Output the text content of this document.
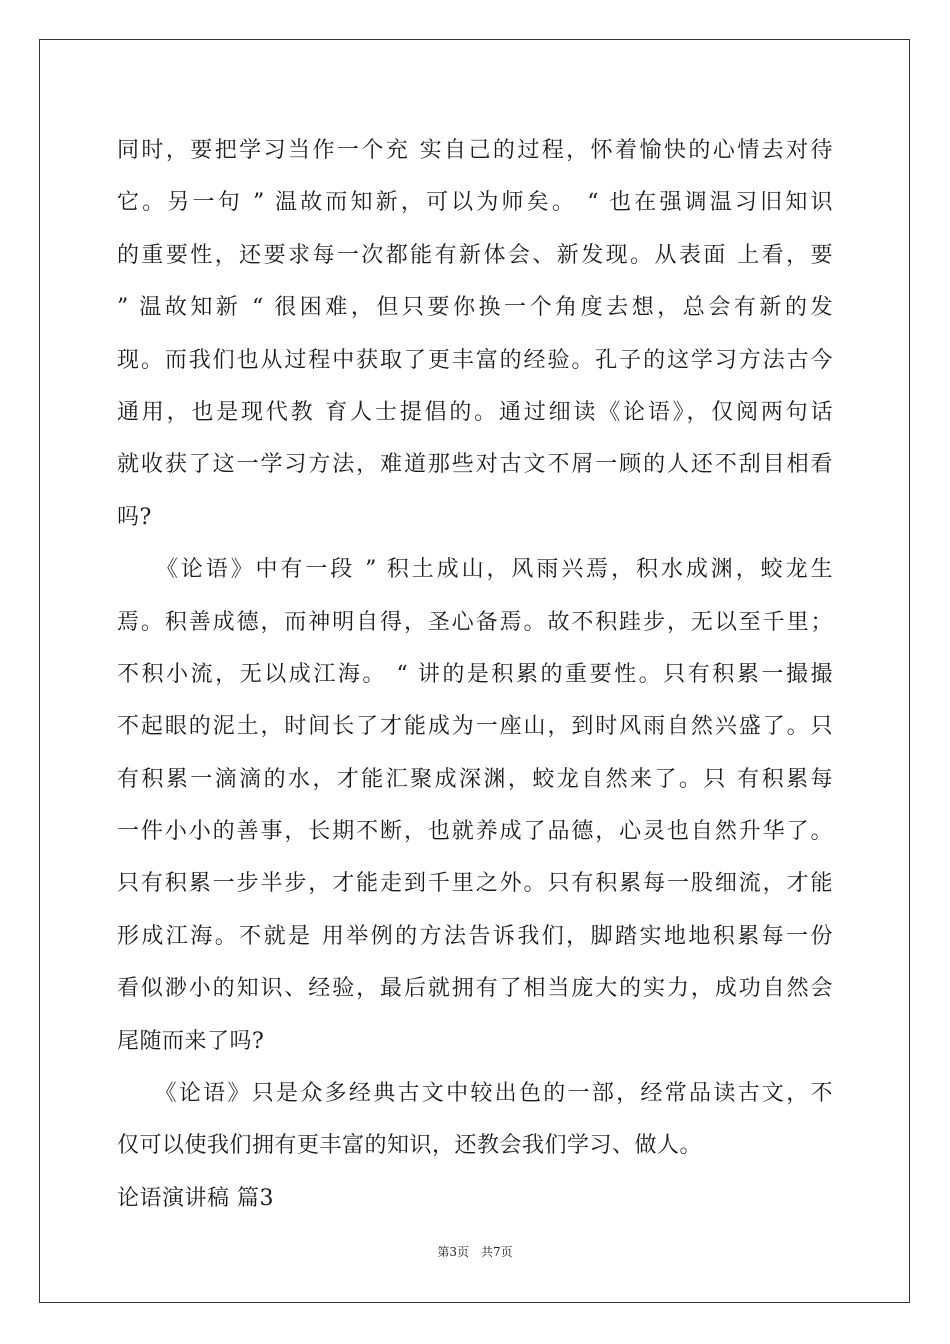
同时，要把学习当作一个充 实自己的过程，怀着愉快的心情去对待
它。另一句 ” 温故而知新，可以为师矣。 “ 也在强调温习旧知识
的重要性，还要求每一次都能有新体会、新发现。从表面 上看，要
” 温故知新 “ 很困难，但只要你换一个角度去想，总会有新的发
现。而我们也从过程中获取了更丰富的经验。孔子的这学习方法古今
通用，也是现代教 育人士提倡的。通过细读《论语》，仅阅两句话
就收获了这一学习方法，难道那些对古文不屑一顾的人还不刮目相看
吗?
　　《论语》中有一段 ” 积土成山，风雨兴焉，积水成渊，蛟龙生
焉。积善成德，而神明自得，圣心备焉。故不积跬步，无以至千里；
不积小流，无以成江海。 “ 讲的是积累的重要性。只有积累一撮撮
不起眼的泥土，时间长了才能成为一座山，到时风雨自然兴盛了。只
有积累一滴滴的水，才能汇聚成深渊，蛟龙自然来了。只 有积累每
一件小小的善事，长期不断，也就养成了品德，心灵也自然升华了。
只有积累一步半步，才能走到千里之外。只有积累每一股细流，才能
形成江海。不就是 用举例的方法告诉我们，脚踏实地地积累每一份
看似渺小的知识、经验，最后就拥有了相当庞大的实力，成功自然会
尾随而来了吗?
　　《论语》只是众多经典古文中较出色的一部，经常品读古文，不
仅可以使我们拥有更丰富的知识，还教会我们学习、做人。
论语演讲稿 篇3
第3页　共7页
